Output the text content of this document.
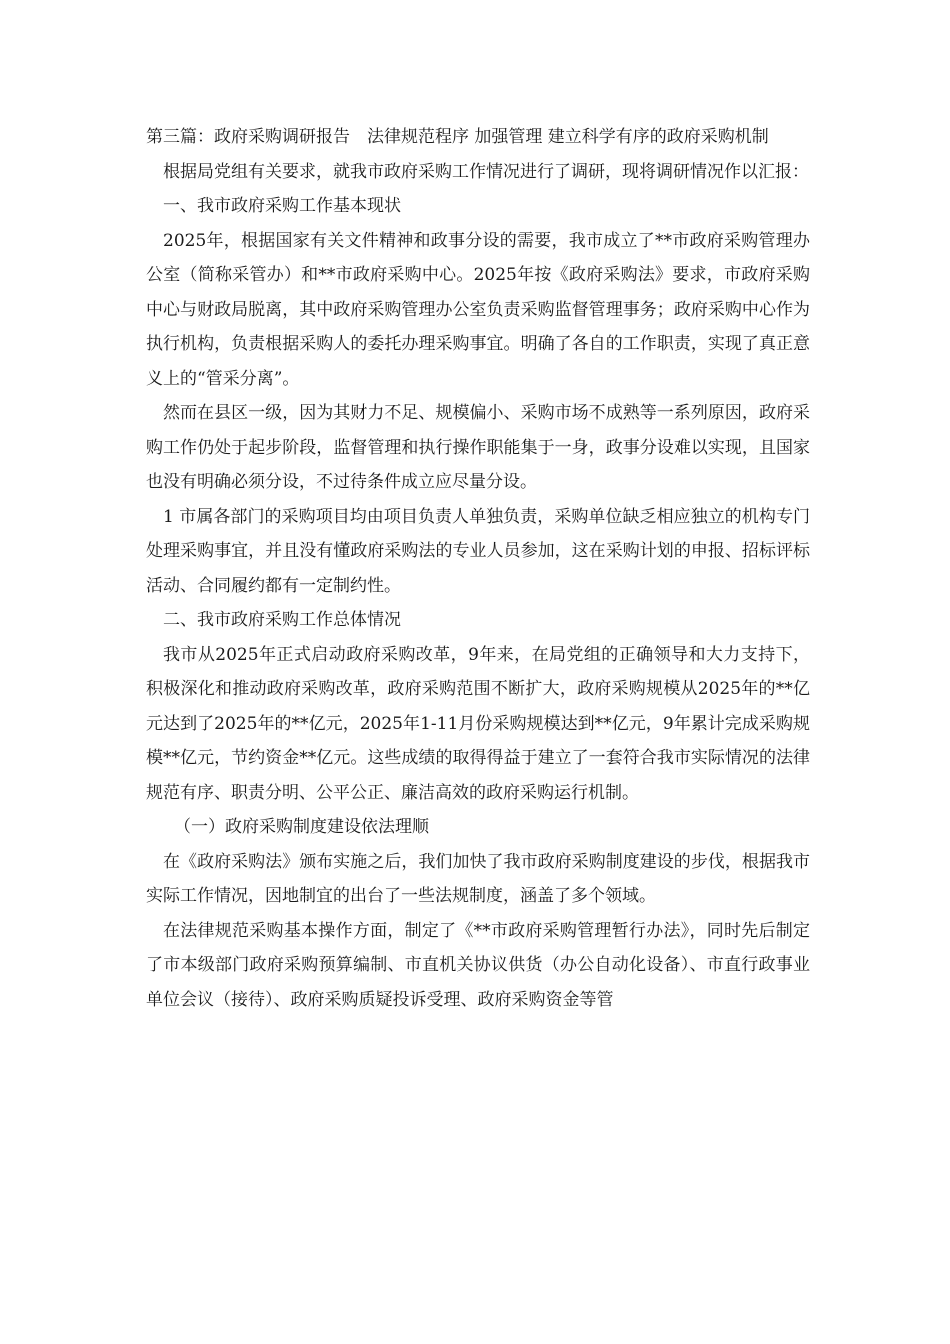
第三篇：政府采购调研报告　法律规范程序 加强管理 建立科学有序的政府采购机制

根据局党组有关要求，就我市政府采购工作情况进行了调研，现将调研情况作以汇报：

一、我市政府采购工作基本现状

2025年，根据国家有关文件精神和政事分设的需要，我市成立了**市政府采购管理办公室（简称采管办）和**市政府采购中心。2025年按《政府采购法》要求，市政府采购中心与财政局脱离，其中政府采购管理办公室负责采购监督管理事务；政府采购中心作为执行机构，负责根据采购人的委托办理采购事宜。明确了各自的工作职责，实现了真正意义上的“管采分离”。

然而在县区一级，因为其财力不足、规模偏小、采购市场不成熟等一系列原因，政府采购工作仍处于起步阶段，监督管理和执行操作职能集于一身，政事分设难以实现，且国家也没有明确必须分设，不过待条件成立应尽量分设。

1 市属各部门的采购项目均由项目负责人单独负责，采购单位缺乏相应独立的机构专门处理采购事宜，并且没有懂政府采购法的专业人员参加，这在采购计划的申报、招标评标活动、合同履约都有一定制约性。

二、我市政府采购工作总体情况

我市从2025年正式启动政府采购改革，9年来，在局党组的正确领导和大力支持下，积极深化和推动政府采购改革，政府采购范围不断扩大，政府采购规模从2025年的**亿元达到了2025年的**亿元，2025年1-11月份采购规模达到**亿元，9年累计完成采购规模**亿元，节约资金**亿元。这些成绩的取得得益于建立了一套符合我市实际情况的法律规范有序、职责分明、公平公正、廉洁高效的政府采购运行机制。

（一）政府采购制度建设依法理顺

在《政府采购法》颁布实施之后，我们加快了我市政府采购制度建设的步伐，根据我市实际工作情况，因地制宜的出台了一些法规制度，涵盖了多个领域。

在法律规范采购基本操作方面，制定了《**市政府采购管理暂行办法》，同时先后制定了市本级部门政府采购预算编制、市直机关协议供货（办公自动化设备）、市直行政事业单位会议（接待）、政府采购质疑投诉受理、政府采购资金等管
